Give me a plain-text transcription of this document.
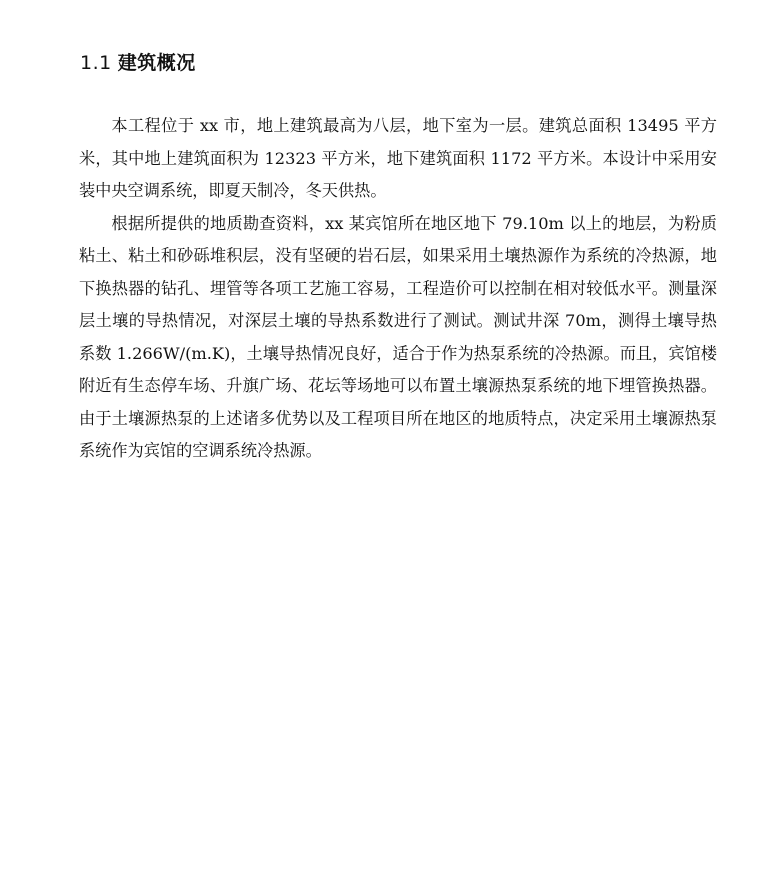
1.1 建筑概况

本工程位于 xx 市，地上建筑最高为八层，地下室为一层。建筑总面积 13495 平方米，其中地上建筑面积为 12323 平方米，地下建筑面积 1172 平方米。本设计中采用安装中央空调系统，即夏天制冷，冬天供热。

根据所提供的地质勘查资料，xx 某宾馆所在地区地下 79.10m 以上的地层，为粉质粘土、粘土和砂砾堆积层，没有坚硬的岩石层，如果采用土壤热源作为系统的冷热源，地下换热器的钻孔、埋管等各项工艺施工容易，工程造价可以控制在相对较低水平。测量深层土壤的导热情况，对深层土壤的导热系数进行了测试。测试井深 70m，测得土壤导热系数 1.266W/(m.K)，土壤导热情况良好，适合于作为热泵系统的冷热源。而且，宾馆楼附近有生态停车场、升旗广场、花坛等场地可以布置土壤源热泵系统的地下埋管换热器。由于土壤源热泵的上述诸多优势以及工程项目所在地区的地质特点，决定采用土壤源热泵系统作为宾馆的空调系统冷热源。
